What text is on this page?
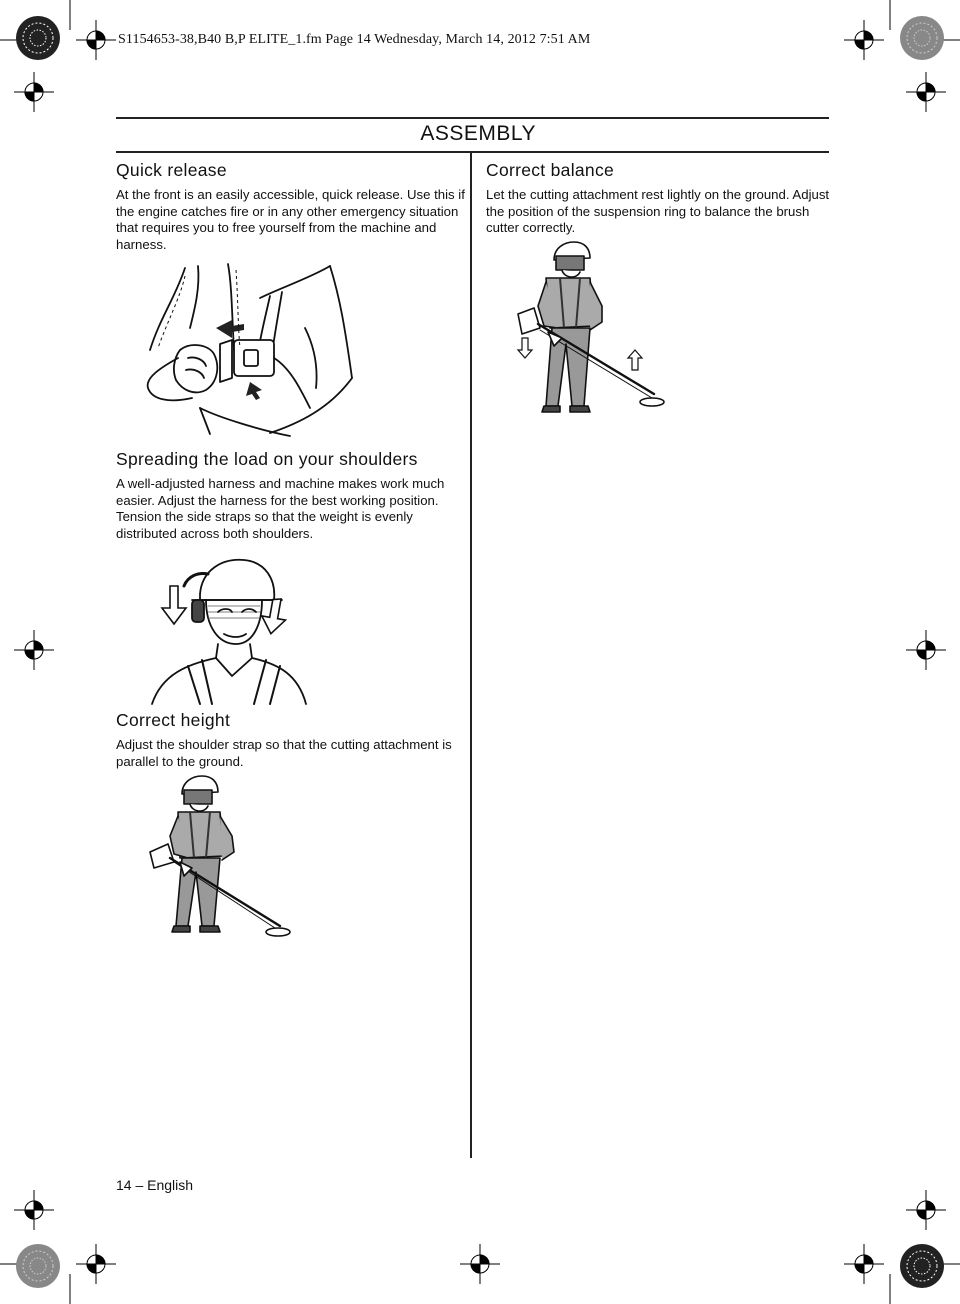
S1154653-38,B40 B,P ELITE_1.fm Page 14 Wednesday, March 14, 2012 7:51 AM
ASSEMBLY
Quick release

At the front is an easily accessible, quick release. Use this if the engine catches fire or in any other emergency situation that requires you to free yourself from the machine and harness.

Spreading the load on your shoulders

A well-adjusted harness and machine makes work much easier. Adjust the harness for the best working position. Tension the side straps so that the weight is evenly distributed across both shoulders.

Correct height

Adjust the shoulder strap so that the cutting attachment is parallel to the ground.

Correct balance

Let the cutting attachment rest lightly on the ground. Adjust the position of the suspension ring to balance the brush cutter correctly.

14 – English
